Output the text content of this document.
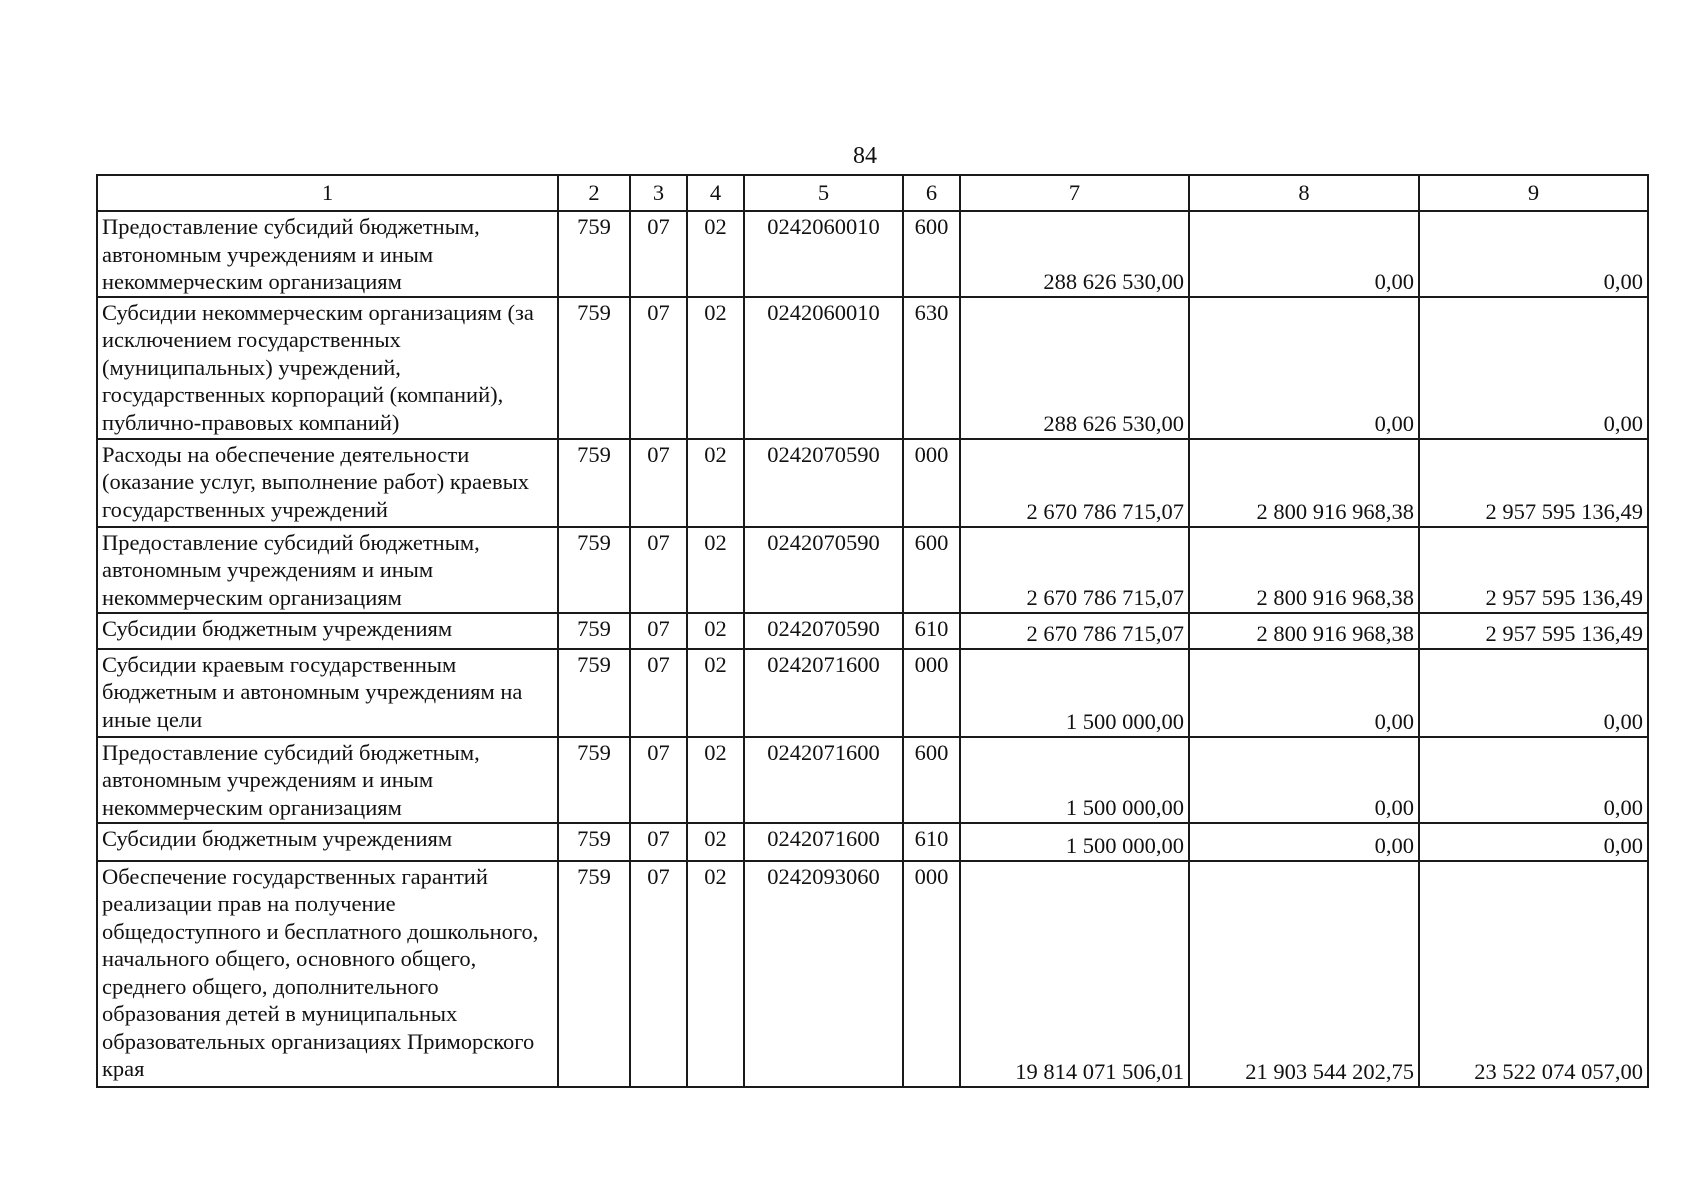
84
1	2	3	4	5	6	7	8	9
Предоставление субсидий бюджетным, автономным учреждениям и иным некоммерческим организациям	759	07	02	0242060010	600	288 626 530,00	0,00	0,00
Субсидии некоммерческим организациям (за исключением государственных (муниципальных) учреждений, государственных корпораций (компаний), публично-правовых компаний)	759	07	02	0242060010	630	288 626 530,00	0,00	0,00
Расходы на обеспечение деятельности (оказание услуг, выполнение работ) краевых государственных учреждений	759	07	02	0242070590	000	2 670 786 715,07	2 800 916 968,38	2 957 595 136,49
Предоставление субсидий бюджетным, автономным учреждениям и иным некоммерческим организациям	759	07	02	0242070590	600	2 670 786 715,07	2 800 916 968,38	2 957 595 136,49
Субсидии бюджетным учреждениям	759	07	02	0242070590	610	2 670 786 715,07	2 800 916 968,38	2 957 595 136,49
Субсидии краевым государственным бюджетным и автономным учреждениям на иные цели	759	07	02	0242071600	000	1 500 000,00	0,00	0,00
Предоставление субсидий бюджетным, автономным учреждениям и иным некоммерческим организациям	759	07	02	0242071600	600	1 500 000,00	0,00	0,00
Субсидии бюджетным учреждениям	759	07	02	0242071600	610	1 500 000,00	0,00	0,00
Обеспечение государственных гарантий реализации прав на получение общедоступного и бесплатного дошкольного, начального общего, основного общего, среднего общего, дополнительного образования детей в муниципальных образовательных организациях Приморского края	759	07	02	0242093060	000	19 814 071 506,01	21 903 544 202,75	23 522 074 057,00
